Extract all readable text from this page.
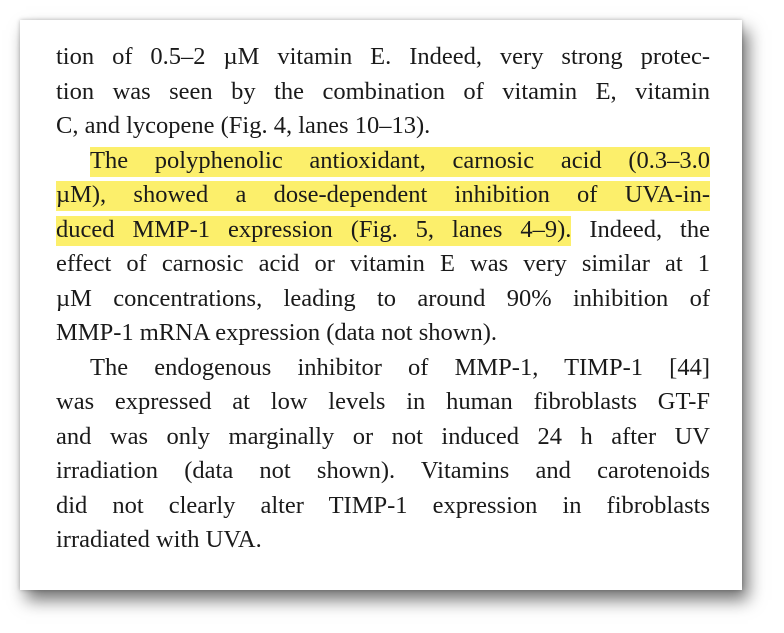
tion of 0.5–2 µM vitamin E. Indeed, very strong protec-
tion was seen by the combination of vitamin E, vitamin
C, and lycopene (Fig. 4, lanes 10–13).
The polyphenolic antioxidant, carnosic acid (0.3–3.0
µM), showed a dose-dependent inhibition of UVA-in-
duced MMP-1 expression (Fig. 5, lanes 4–9). Indeed, the
effect of carnosic acid or vitamin E was very similar at 1
µM concentrations, leading to around 90% inhibition of
MMP-1 mRNA expression (data not shown).
The endogenous inhibitor of MMP-1, TIMP-1 [44]
was expressed at low levels in human fibroblasts GT-F
and was only marginally or not induced 24 h after UV
irradiation (data not shown). Vitamins and carotenoids
did not clearly alter TIMP-1 expression in fibroblasts
irradiated with UVA.
